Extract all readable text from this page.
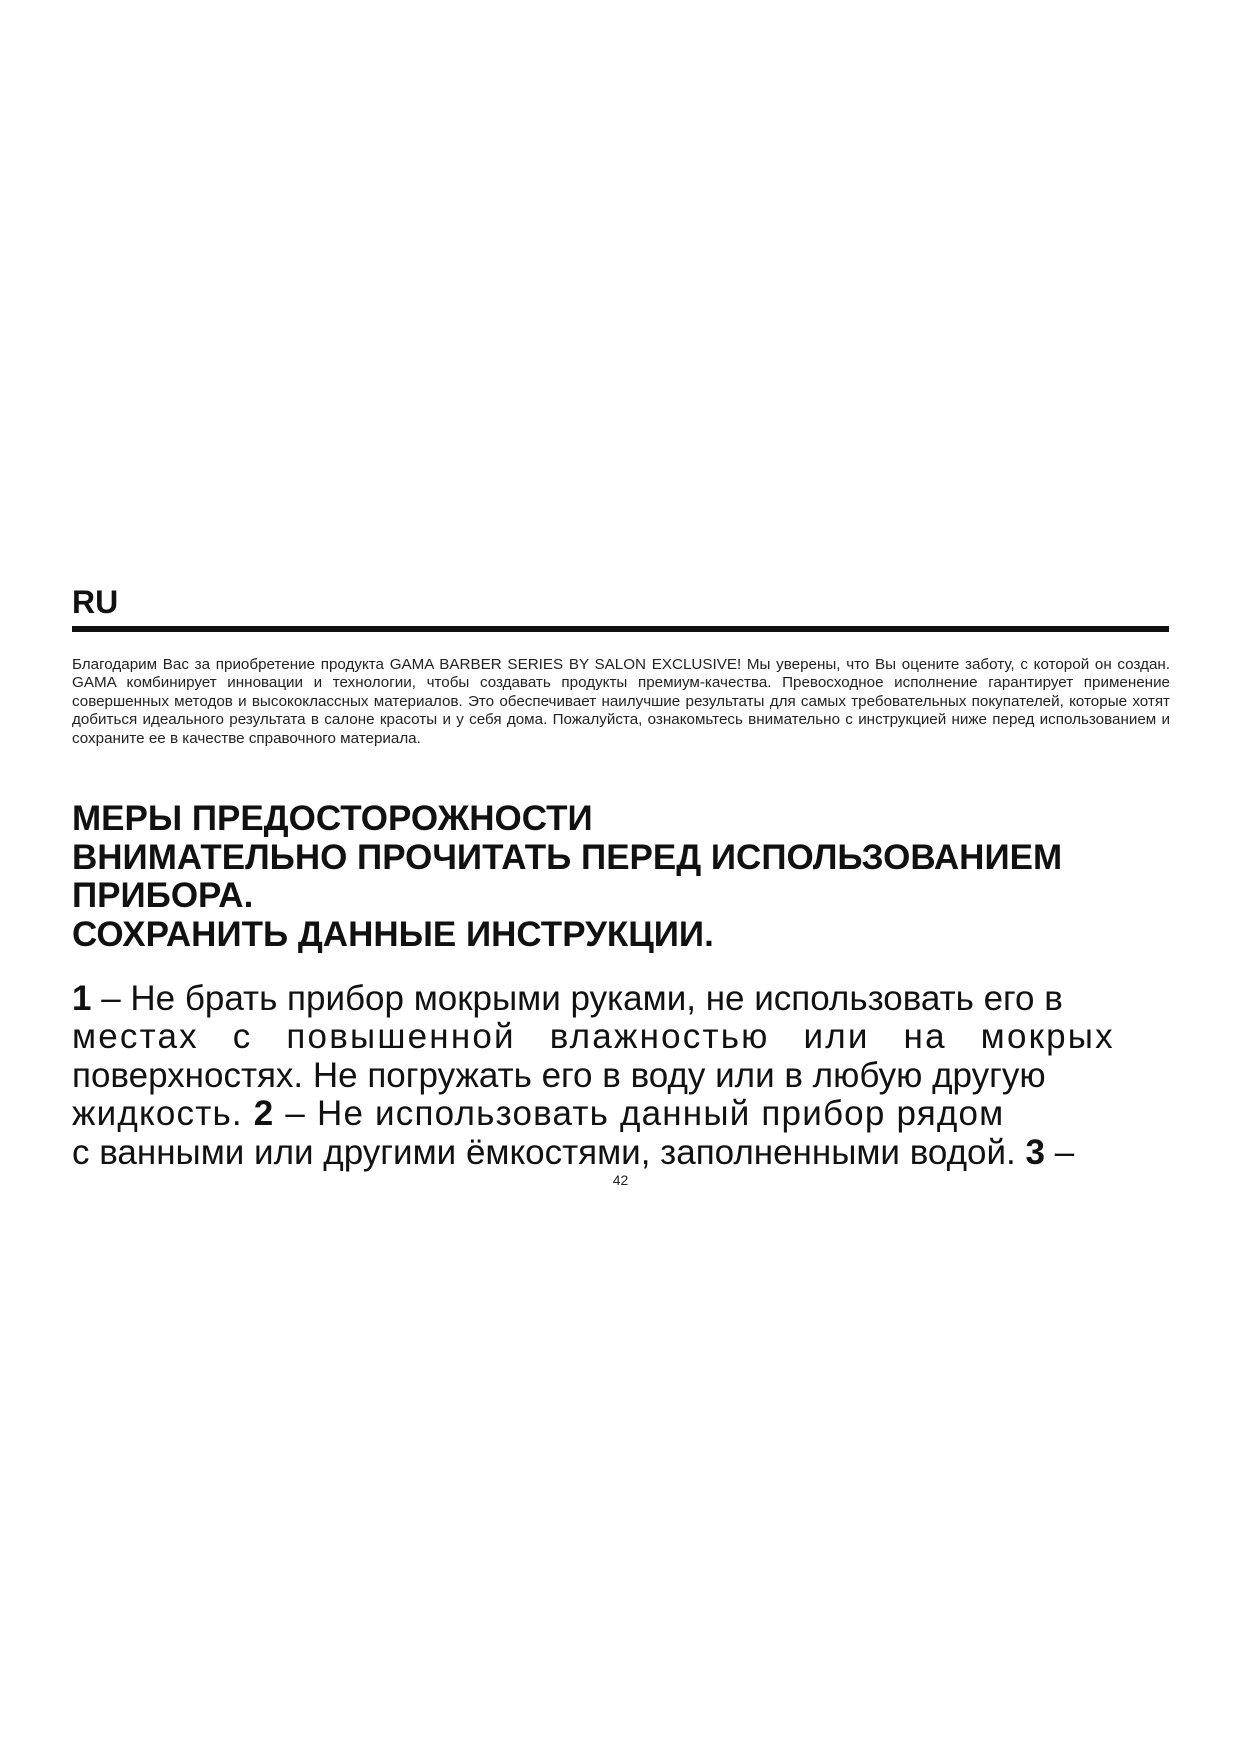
RU
Благодарим Вас за приобретение продукта GAMA BARBER SERIES BY SALON EXCLUSIVE! Мы уверены, что Вы оцените заботу, с которой он создан. GAMA комбинирует инновации и технологии, чтобы создавать продукты премиум-качества. Превосходное исполнение гарантирует применение совершенных методов и высококлассных материалов. Это обеспечивает наилучшие результаты для самых требовательных покупателей, которые хотят добиться идеального результата в салоне красоты и у себя дома. Пожалуйста, ознакомьтесь внимательно с инструкцией ниже перед использованием и сохраните ее в качестве справочного материала.
МЕРЫ ПРЕДОСТОРОЖНОСТИ
ВНИМАТЕЛЬНО ПРОЧИТАТЬ ПЕРЕД ИСПОЛЬЗОВАНИЕМ
ПРИБОРА.
СОХРАНИТЬ ДАННЫЕ ИНСТРУКЦИИ.
1 – Не брать прибор мокрыми руками, не использовать его в
местах с повышенной влажностью или на мокрых
поверхностях. Не погружать его в воду или в любую другую
жидкость. 2 – Не использовать данный прибор рядом
с ванными или другими ёмкостями, заполненными водой. 3 –
42
